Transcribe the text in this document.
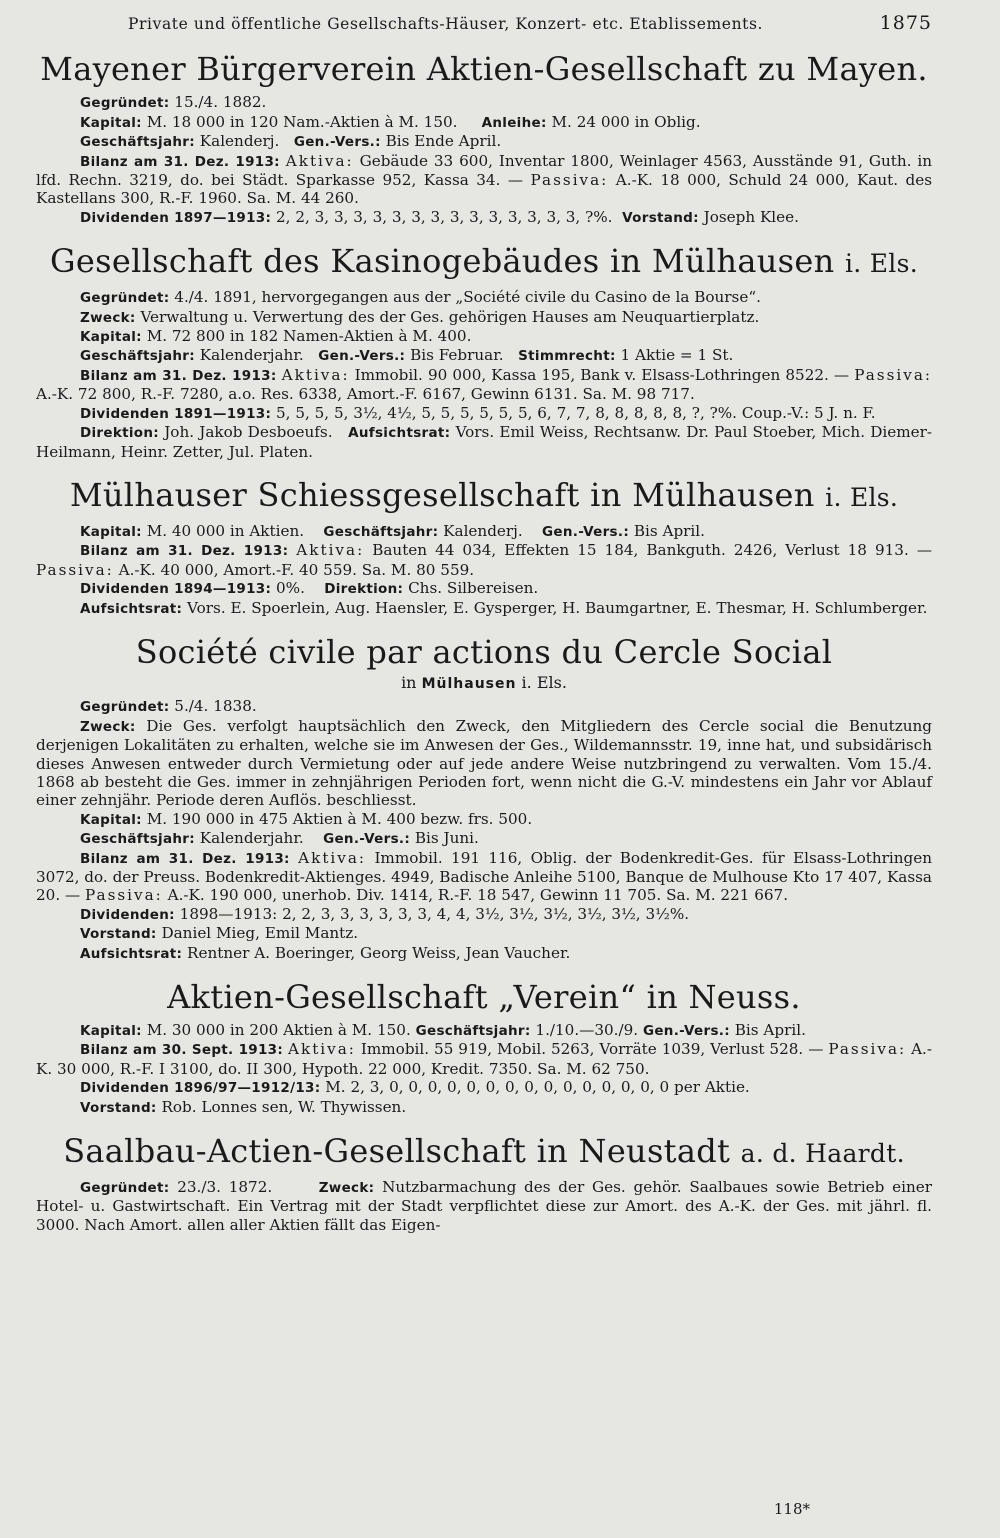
Private und öffentliche Gesellschafts-Häuser, Konzert- etc. Etablissements.	1875
Mayener Bürgerverein Aktien-Gesellschaft zu Mayen.

Gegründet: 15./4. 1882.

Kapital: M. 18 000 in 120 Nam.-Aktien à M. 150. Anleihe: M. 24 000 in Oblig.

Geschäftsjahr: Kalenderj. Gen.-Vers.: Bis Ende April.

Bilanz am 31. Dez. 1913: Aktiva: Gebäude 33 600, Inventar 1800, Weinlager 4563, Ausstände 91, Guth. in lfd. Rechn. 3219, do. bei Städt. Sparkasse 952, Kassa 34. — Passiva: A.-K. 18 000, Schuld 24 000, Kaut. des Kastellans 300, R.-F. 1960. Sa. M. 44 260.

Dividenden 1897—1913: 2, 2, 3, 3, 3, 3, 3, 3, 3, 3, 3, 3, 3, 3, 3, 3, ?%. Vorstand: Joseph Klee.

Gesellschaft des Kasinogebäudes in Mülhausen i. Els.

Gegründet: 4./4. 1891, hervorgegangen aus der „Société civile du Casino de la Bourse“.

Zweck: Verwaltung u. Verwertung des der Ges. gehörigen Hauses am Neuquartierplatz.

Kapital: M. 72 800 in 182 Namen-Aktien à M. 400.

Geschäftsjahr: Kalenderjahr. Gen.-Vers.: Bis Februar. Stimmrecht: 1 Aktie = 1 St.

Bilanz am 31. Dez. 1913: Aktiva: Immobil. 90 000, Kassa 195, Bank v. Elsass-Lothringen 8522. — Passiva: A.-K. 72 800, R.-F. 7280, a.o. Res. 6338, Amort.-F. 6167, Gewinn 6131. Sa. M. 98 717.

Dividenden 1891—1913: 5, 5, 5, 5, 3½, 4½, 5, 5, 5, 5, 5, 5, 6, 7, 7, 8, 8, 8, 8, 8, ?, ?%. Coup.-V.: 5 J. n. F.

Direktion: Joh. Jakob Desboeufs. Aufsichtsrat: Vors. Emil Weiss, Rechtsanw. Dr. Paul Stoeber, Mich. Diemer-Heilmann, Heinr. Zetter, Jul. Platen.

Mülhauser Schiessgesellschaft in Mülhausen i. Els.

Kapital: M. 40 000 in Aktien. Geschäftsjahr: Kalenderj. Gen.-Vers.: Bis April.

Bilanz am 31. Dez. 1913: Aktiva: Bauten 44 034, Effekten 15 184, Bankguth. 2426, Verlust 18 913. — Passiva: A.-K. 40 000, Amort.-F. 40 559. Sa. M. 80 559.

Dividenden 1894—1913: 0%. Direktion: Chs. Silbereisen.

Aufsichtsrat: Vors. E. Spoerlein, Aug. Haensler, E. Gysperger, H. Baumgartner, E. Thesmar, H. Schlumberger.

Société civile par actions du Cercle Social
in Mülhausen i. Els.

Gegründet: 5./4. 1838.

Zweck: Die Ges. verfolgt hauptsächlich den Zweck, den Mitgliedern des Cercle social die Benutzung derjenigen Lokalitäten zu erhalten, welche sie im Anwesen der Ges., Wildemannsstr. 19, inne hat, und subsidärisch dieses Anwesen entweder durch Vermietung oder auf jede andere Weise nutzbringend zu verwalten. Vom 15./4. 1868 ab besteht die Ges. immer in zehnjährigen Perioden fort, wenn nicht die G.-V. mindestens ein Jahr vor Ablauf einer zehnjähr. Periode deren Auflös. beschliesst.

Kapital: M. 190 000 in 475 Aktien à M. 400 bezw. frs. 500.

Geschäftsjahr: Kalenderjahr. Gen.-Vers.: Bis Juni.

Bilanz am 31. Dez. 1913: Aktiva: Immobil. 191 116, Oblig. der Bodenkredit-Ges. für Elsass-Lothringen 3072, do. der Preuss. Bodenkredit-Aktienges. 4949, Badische Anleihe 5100, Banque de Mulhouse Kto 17 407, Kassa 20. — Passiva: A.-K. 190 000, unerhob. Div. 1414, R.-F. 18 547, Gewinn 11 705. Sa. M. 221 667.

Dividenden: 1898—1913: 2, 2, 3, 3, 3, 3, 3, 3, 4, 4, 3½, 3½, 3½, 3½, 3½, 3½%.

Vorstand: Daniel Mieg, Emil Mantz.

Aufsichtsrat: Rentner A. Boeringer, Georg Weiss, Jean Vaucher.

Aktien-Gesellschaft „Verein“ in Neuss.

Kapital: M. 30 000 in 200 Aktien à M. 150. Geschäftsjahr: 1./10.—30./9. Gen.-Vers.: Bis April.

Bilanz am 30. Sept. 1913: Aktiva: Immobil. 55 919, Mobil. 5263, Vorräte 1039, Verlust 528. — Passiva: A.-K. 30 000, R.-F. I 3100, do. II 300, Hypoth. 22 000, Kredit. 7350. Sa. M. 62 750.

Dividenden 1896/97—1912/13: M. 2, 3, 0, 0, 0, 0, 0, 0, 0, 0, 0, 0, 0, 0, 0, 0, 0 per Aktie.

Vorstand: Rob. Lonnes sen, W. Thywissen.

Saalbau-Actien-Gesellschaft in Neustadt a. d. Haardt.

Gegründet: 23./3. 1872.	Zweck: Nutzbarmachung des der Ges. gehör. Saalbaues sowie Betrieb einer Hotel- u. Gastwirtschaft. Ein Vertrag mit der Stadt verpflichtet diese zur Amort. des A.-K. der Ges. mit jährl. fl. 3000. Nach Amort. allen aller Aktien fällt das Eigen-

118*
